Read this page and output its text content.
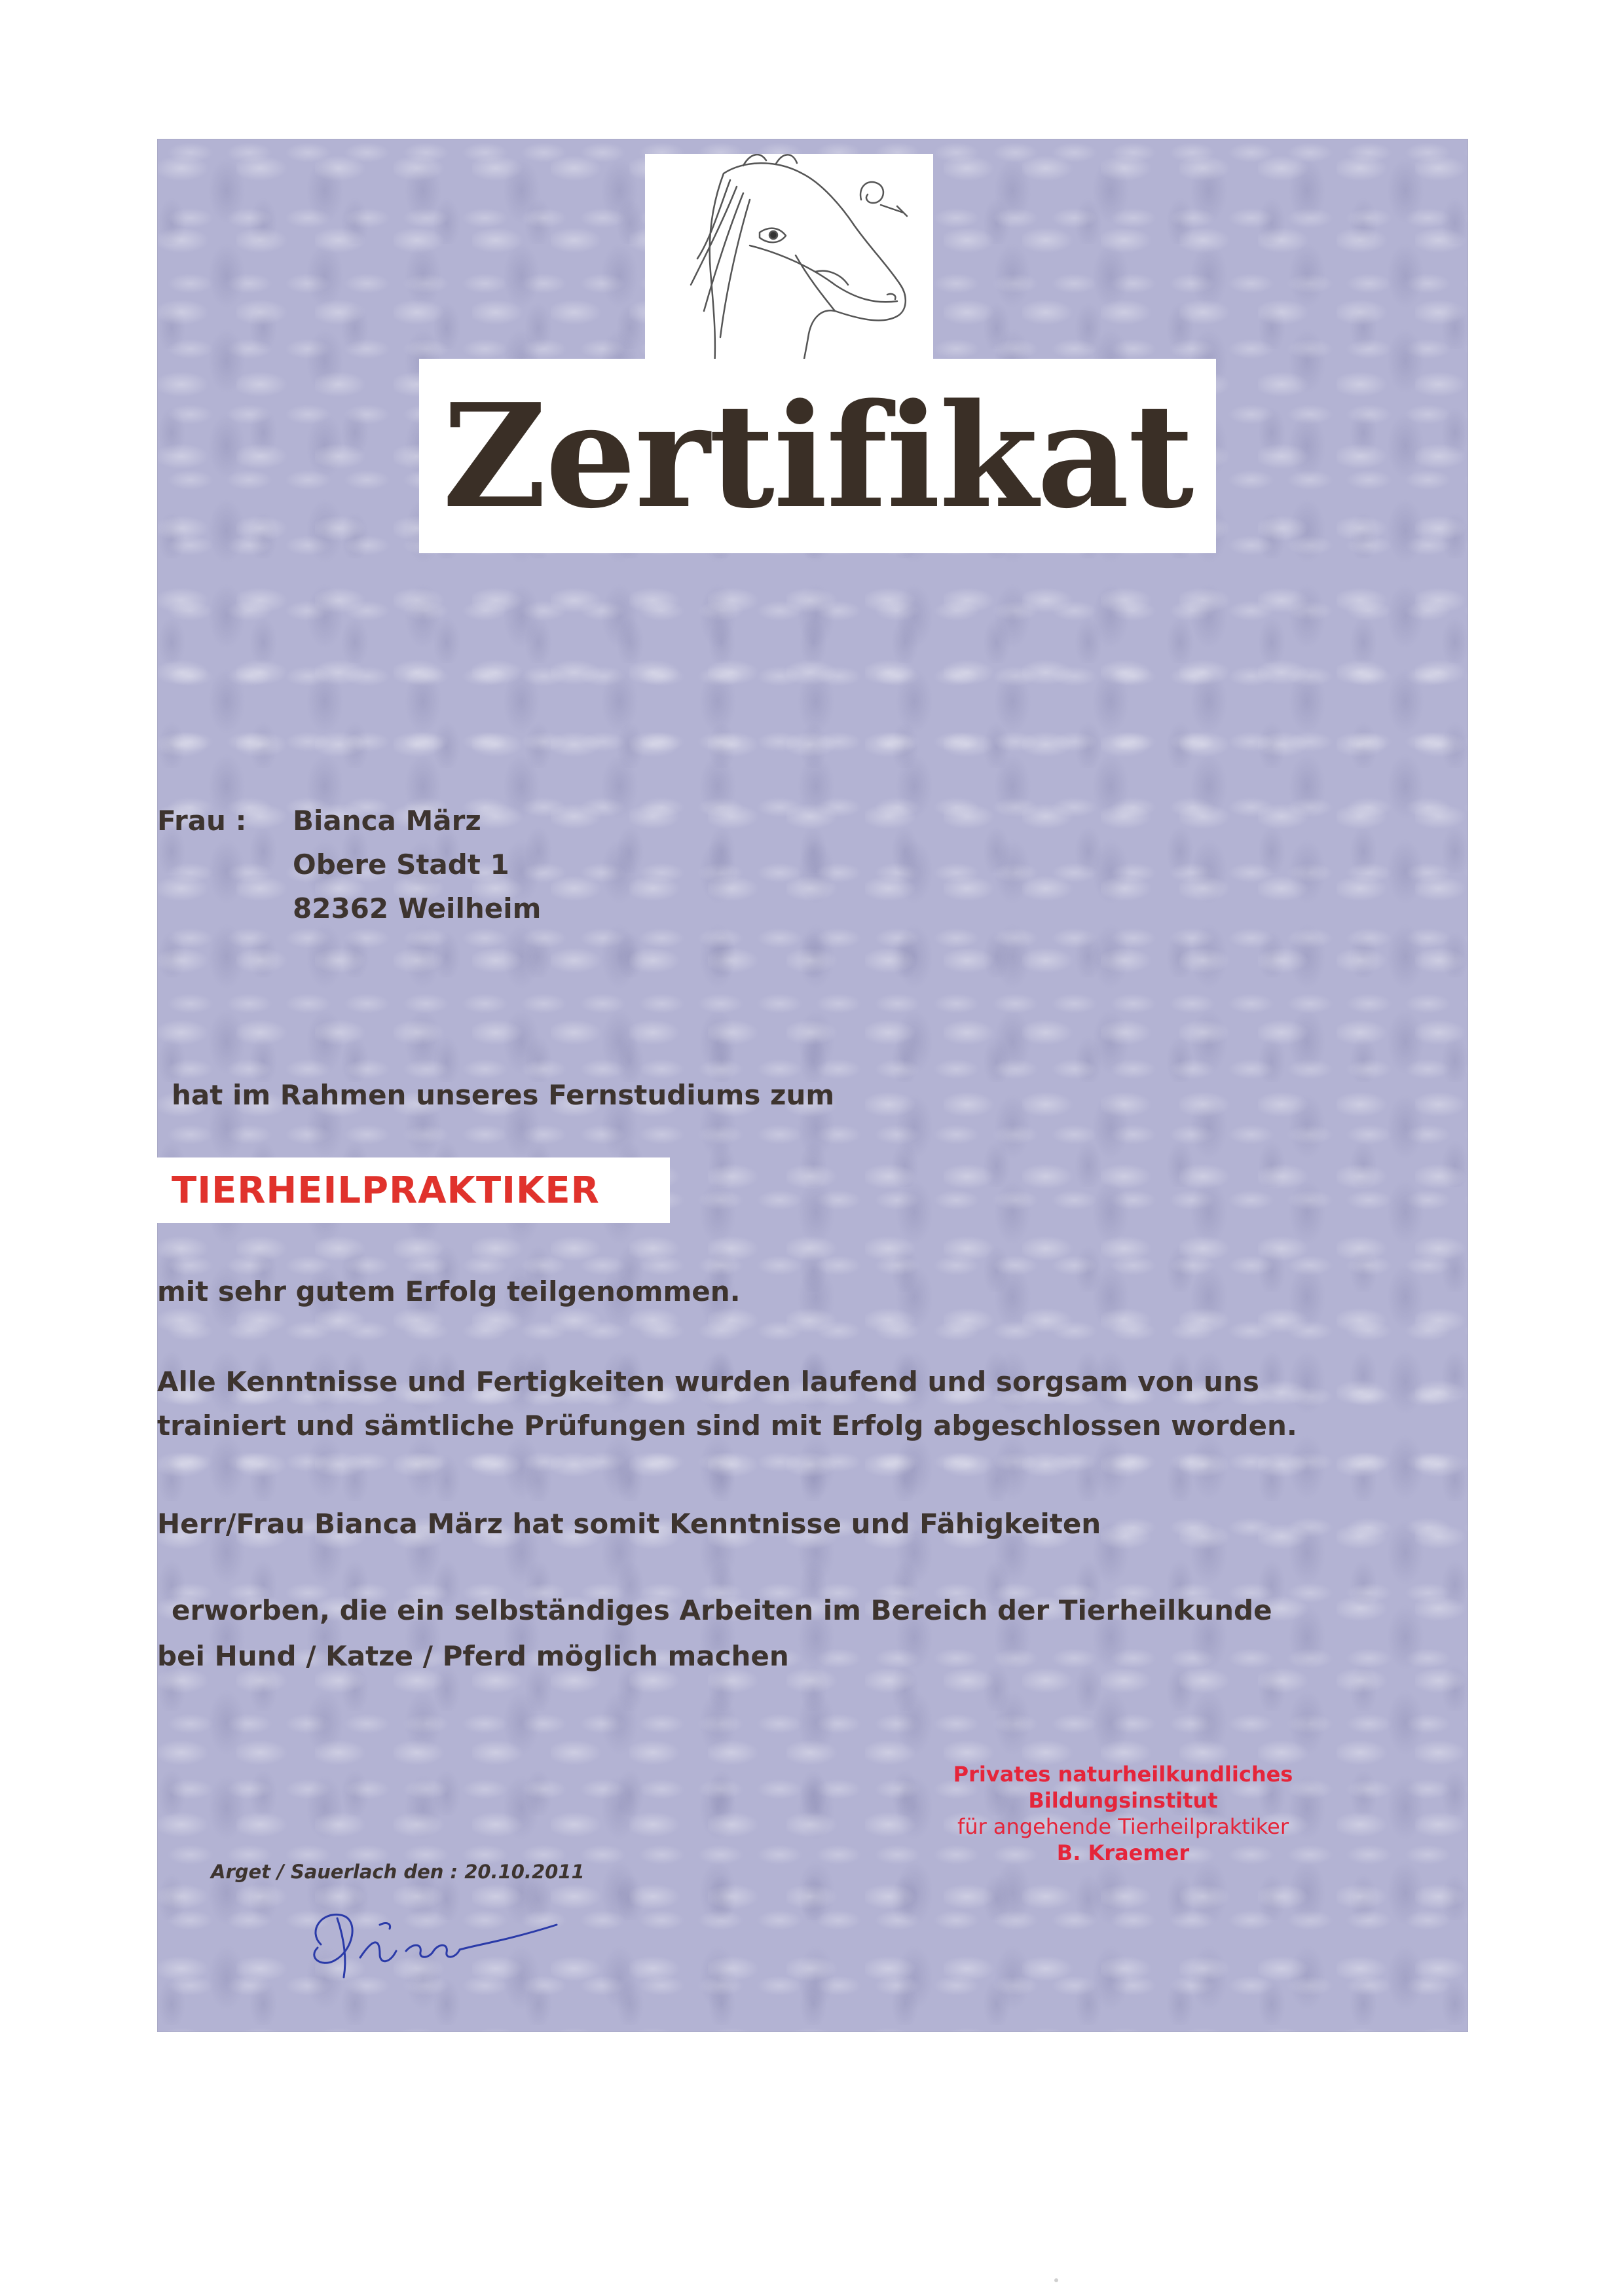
Zertifikat
Frau : Bianca März
Obere Stadt 1
82362 Weilheim
hat im Rahmen unseres Fernstudiums zum
TIERHEILPRAKTIKER
mit sehr gutem Erfolg teilgenommen.
Alle Kenntnisse und Fertigkeiten wurden laufend und sorgsam von uns
trainiert und sämtliche Prüfungen sind mit Erfolg abgeschlossen worden.
Herr/Frau Bianca März hat somit Kenntnisse und Fähigkeiten
erworben, die ein selbständiges Arbeiten im Bereich der Tierheilkunde
bei Hund / Katze / Pferd möglich machen
Privates naturheilkundliches
Bildungsinstitut
für angehende Tierheilpraktiker
B. Kraemer
Arget / Sauerlach den : 20.10.2011
